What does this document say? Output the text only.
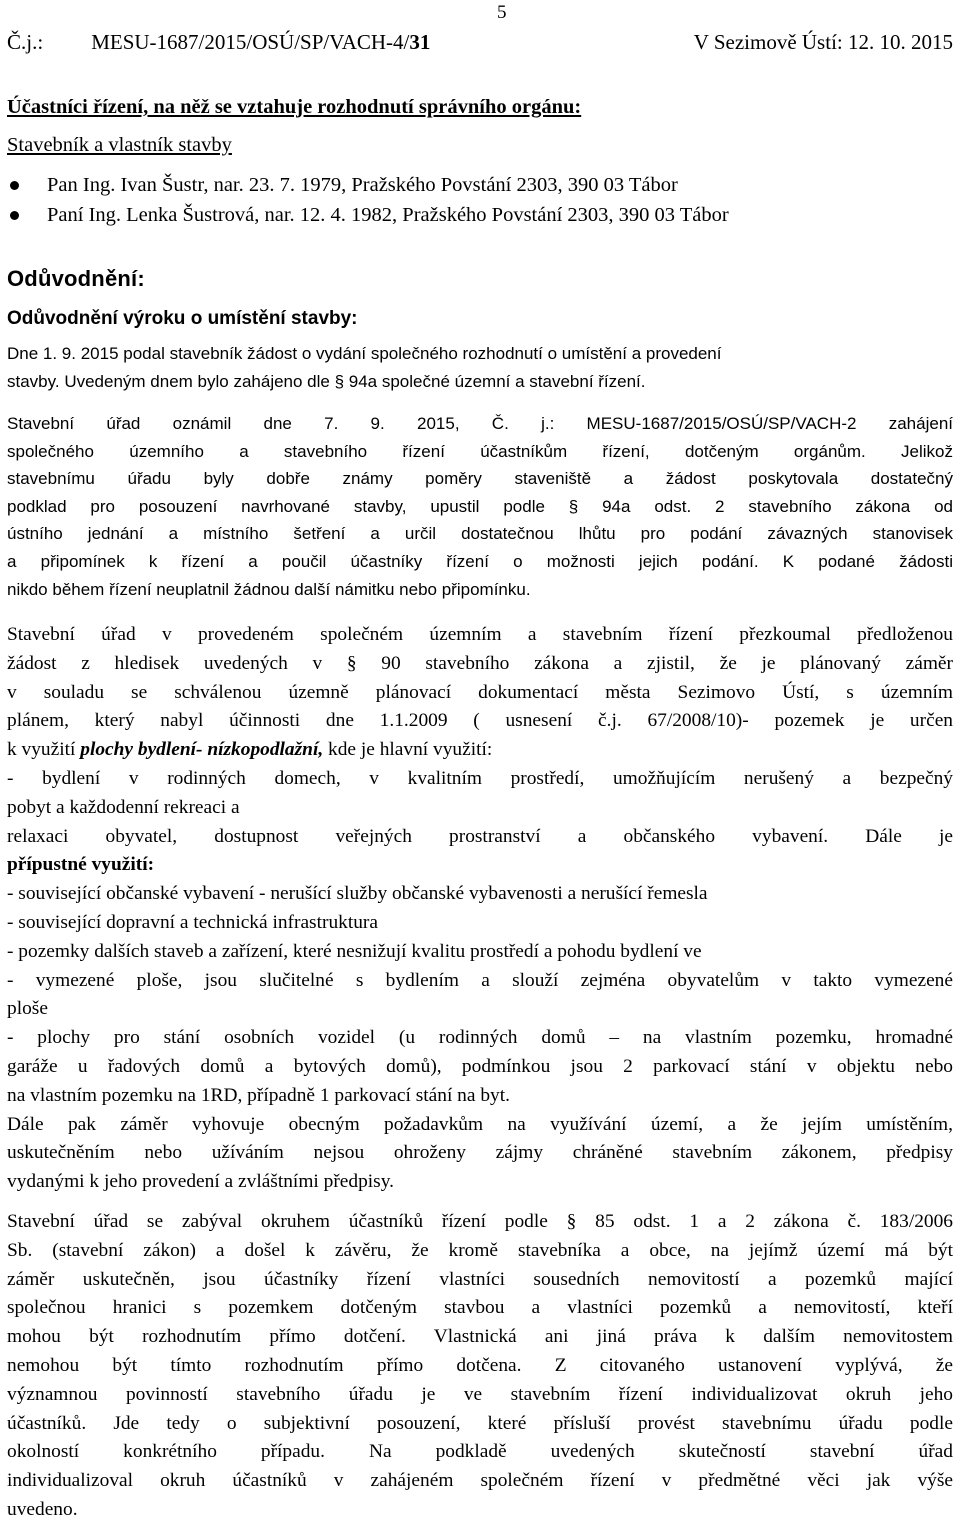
5
Č.j.: MESU-1687/2015/OSÚ/SP/VACH-4/31	V Sezimově Ústí: 12. 10. 2015
Účastníci řízení, na něž se vztahuje rozhodnutí správního orgánu:
Stavebník a vlastník stavby
Pan Ing. Ivan Šustr, nar. 23. 7. 1979, Pražského Povstání 2303, 390 03 Tábor
Paní Ing. Lenka Šustrová, nar. 12. 4. 1982, Pražského Povstání 2303, 390 03 Tábor
Odůvodnění:
Odůvodnění výroku o umístění stavby:
Dne 1. 9. 2015 podal stavebník žádost o vydání společného rozhodnutí o umístění a provedení
stavby. Uvedeným dnem bylo zahájeno dle § 94a společné územní a stavební řízení.
Stavební úřad oznámil dne 7. 9. 2015, Č. j.: MESU-1687/2015/OSÚ/SP/VACH-2 zahájení
společného územního a stavebního řízení účastníkům řízení, dotčeným orgánům. Jelikož
stavebnímu úřadu byly dobře známy poměry staveniště a žádost poskytovala dostatečný
podklad pro posouzení navrhované stavby, upustil podle § 94a odst. 2 stavebního zákona od
ústního jednání a místního šetření a určil dostatečnou lhůtu pro podání závazných stanovisek
a připomínek k řízení a poučil účastníky řízení o možnosti jejich podání. K podané žádosti
nikdo během řízení neuplatnil žádnou další námitku nebo připomínku.
Stavební úřad v provedeném společném územním a stavebním řízení přezkoumal předloženou
žádost z hledisek uvedených v § 90 stavebního zákona a zjistil, že je plánovaný záměr
v souladu se schválenou územně plánovací dokumentací města Sezimovo Ústí, s územním
plánem, který nabyl účinnosti dne 1.1.2009 ( usnesení č.j. 67/2008/10)- pozemek je určen
k využití plochy bydlení- nízkopodlažní, kde je hlavní využití:
- bydlení v rodinných domech, v kvalitním prostředí, umožňujícím nerušený a bezpečný
pobyt a každodenní rekreaci a
relaxaci obyvatel, dostupnost veřejných prostranství a občanského vybavení. Dále je
přípustné využití:
- související občanské vybavení - nerušící služby občanské vybavenosti a nerušící řemesla
- související dopravní a technická infrastruktura
- pozemky dalších staveb a zařízení, které nesnižují kvalitu prostředí a pohodu bydlení ve
- vymezené ploše, jsou slučitelné s bydlením a slouží zejména obyvatelům v takto vymezené
ploše
- plochy pro stání osobních vozidel (u rodinných domů – na vlastním pozemku, hromadné
garáže u řadových domů a bytových domů), podmínkou jsou 2 parkovací stání v objektu nebo
na vlastním pozemku na 1RD, případně 1 parkovací stání na byt.
Dále pak záměr vyhovuje obecným požadavkům na využívání území, a že jejím umístěním,
uskutečněním nebo užíváním nejsou ohroženy zájmy chráněné stavebním zákonem, předpisy
vydanými k jeho provedení a zvláštními předpisy.
Stavební úřad se zabýval okruhem účastníků řízení podle § 85 odst. 1 a 2 zákona č. 183/2006
Sb. (stavební zákon) a došel k závěru, že kromě stavebníka a obce, na jejímž území má být
záměr uskutečněn, jsou účastníky řízení vlastníci sousedních nemovitostí a pozemků mající
společnou hranici s pozemkem dotčeným stavbou a vlastníci pozemků a nemovitostí, kteří
mohou být rozhodnutím přímo dotčení. Vlastnická ani jiná práva k dalším nemovitostem
nemohou být tímto rozhodnutím přímo dotčena. Z citovaného ustanovení vyplývá, že
významnou povinností stavebního úřadu je ve stavebním řízení individualizovat okruh jeho
účastníků. Jde tedy o subjektivní posouzení, které přísluší provést stavebnímu úřadu podle
okolností konkrétního případu. Na podkladě uvedených skutečností stavební úřad
individualizoval okruh účastníků v zahájeném společném řízení v předmětné věci jak výše
uvedeno.
